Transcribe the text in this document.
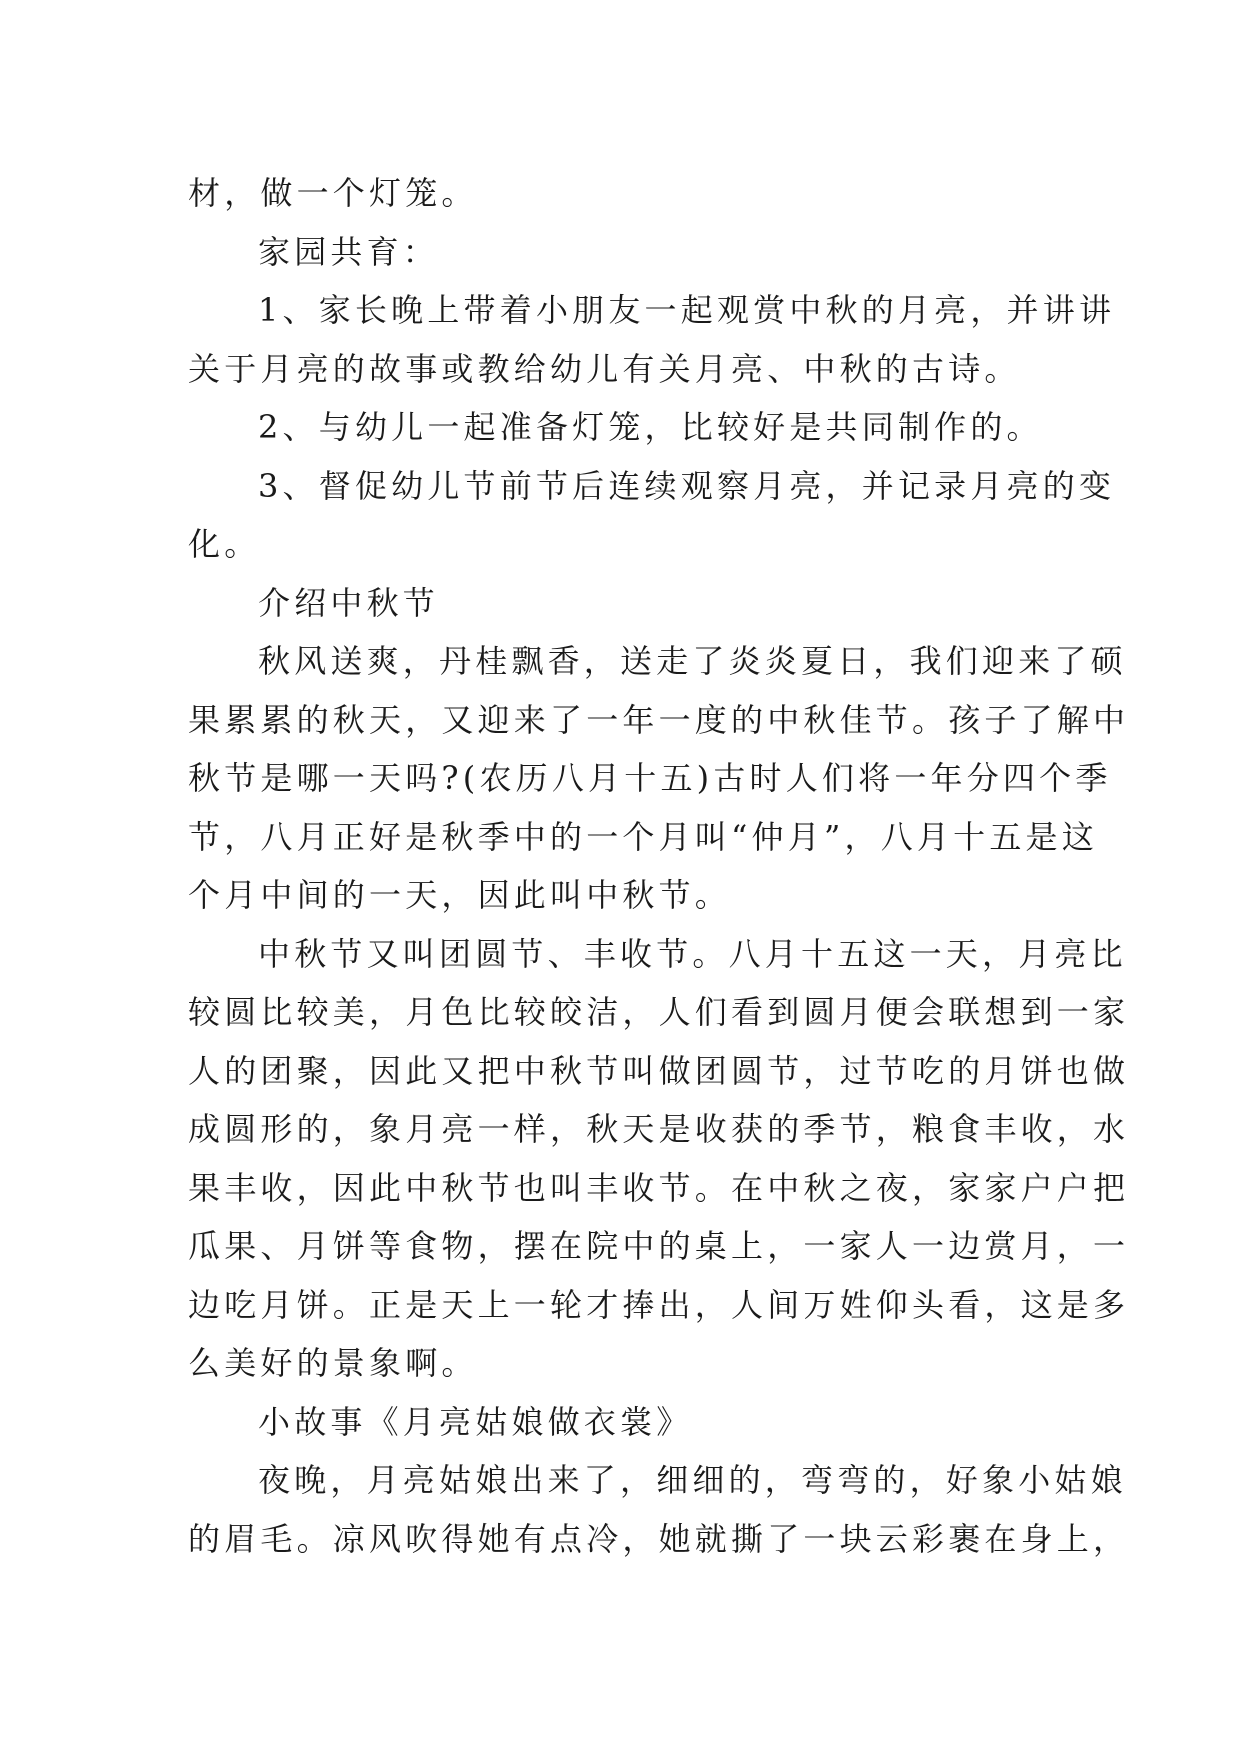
材，做一个灯笼。
家园共育：
1、家长晚上带着小朋友一起观赏中秋的月亮，并讲讲
关于月亮的故事或教给幼儿有关月亮、中秋的古诗。
2、与幼儿一起准备灯笼，比较好是共同制作的。
3、督促幼儿节前节后连续观察月亮，并记录月亮的变
化。
介绍中秋节
秋风送爽，丹桂飘香，送走了炎炎夏日，我们迎来了硕
果累累的秋天，又迎来了一年一度的中秋佳节。孩子了解中
秋节是哪一天吗?(农历八月十五)古时人们将一年分四个季
节，八月正好是秋季中的一个月叫“仲月”，八月十五是这
个月中间的一天，因此叫中秋节。
中秋节又叫团圆节、丰收节。八月十五这一天，月亮比
较圆比较美，月色比较皎洁，人们看到圆月便会联想到一家
人的团聚，因此又把中秋节叫做团圆节，过节吃的月饼也做
成圆形的，象月亮一样，秋天是收获的季节，粮食丰收，水
果丰收，因此中秋节也叫丰收节。在中秋之夜，家家户户把
瓜果、月饼等食物，摆在院中的桌上，一家人一边赏月，一
边吃月饼。正是天上一轮才捧出，人间万姓仰头看，这是多
么美好的景象啊。
小故事《月亮姑娘做衣裳》
夜晚，月亮姑娘出来了，细细的，弯弯的，好象小姑娘
的眉毛。凉风吹得她有点冷，她就撕了一块云彩裹在身上，
